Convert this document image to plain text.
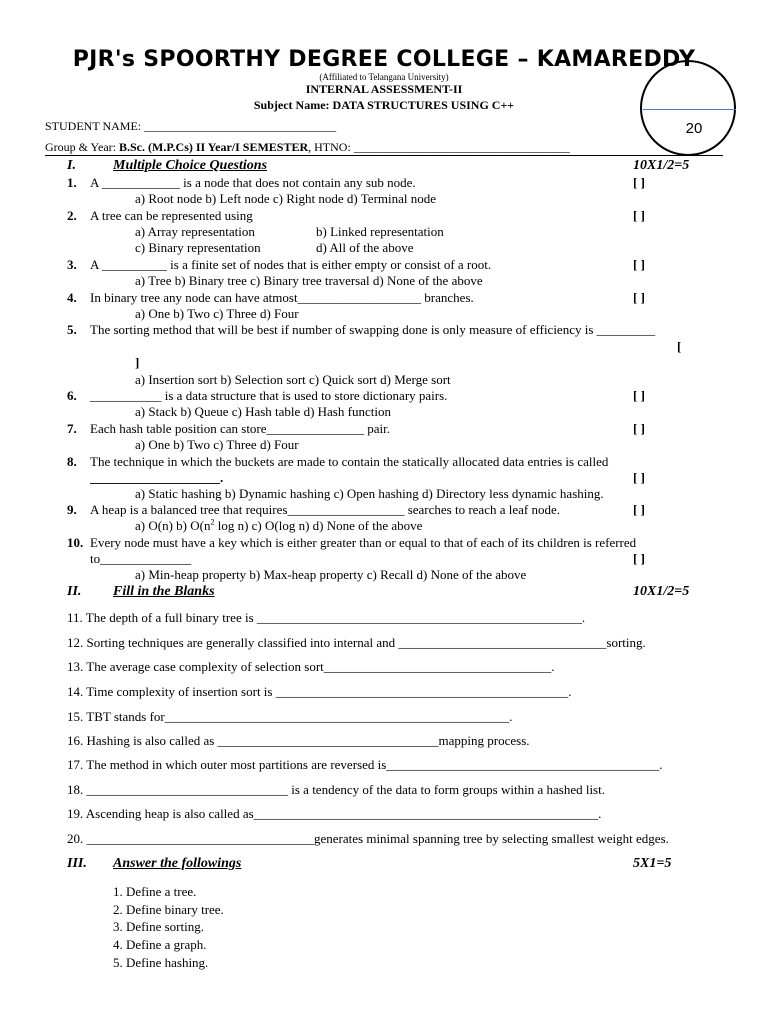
PJR's SPOORTHY DEGREE COLLEGE – KAMAREDDY
(Affiliated to Telangana University)
INTERNAL ASSESSMENT-II
Subject Name: DATA STRUCTURES USING C++
20
STUDENT NAME: ________________________________
Group & Year: B.Sc. (M.P.Cs) II Year/I SEMESTER, HTNO: ____________________________________
I.	Multiple Choice Questions	10X1/2=5
1. A ____________ is a node that does not contain any sub node.	[ ]
a) Root node b) Left node c) Right node d) Terminal node
2. A tree can be represented using	[ ]
a) Array representation	b) Linked representation
c) Binary representation	d) All of the above
3. A __________ is a finite set of nodes that is either empty or consist of a root.	[ ]
a) Tree b) Binary tree c) Binary tree traversal d) None of the above
4. In binary tree any node can have atmost___________________ branches.	[ ]
a) One b) Two c) Three d) Four
5. The sorting method that will be best if number of swapping done is only measure of efficiency is _________
[
]
a) Insertion sort b) Selection sort c) Quick sort d) Merge sort
6. ___________ is a data structure that is used to store dictionary pairs.	[ ]
a) Stack b) Queue c) Hash table d) Hash function
7. Each hash table position can store_______________ pair.	[ ]
a) One b) Two c) Three d) Four
8. The technique in which the buckets are made to contain the statically allocated data entries is called
____________________.	[ ]
a) Static hashing b) Dynamic hashing c) Open hashing d) Directory less dynamic hashing.
9. A heap is a balanced tree that requires__________________ searches to reach a leaf node.	[ ]
a) O(n) b) $O(n^2$ log n) c) O(log n) d) None of the above
10. Every node must have a key which is either greater than or equal to that of each of its children is referred
to______________	[ ]
a) Min-heap property b) Max-heap property c) Recall d) None of the above
II. Fill in the Blanks	10X1/2=5
11. The depth of a full binary tree is __________________________________________________.
12. Sorting techniques are generally classified into internal and ________________________________sorting.
13. The average case complexity of selection sort___________________________________.
14. Time complexity of insertion sort is _____________________________________________.
15. TBT stands for_____________________________________________________.
16. Hashing is also called as __________________________________mapping process.
17. The method in which outer most partitions are reversed is__________________________________________.
18. _______________________________ is a tendency of the data to form groups within a hashed list.
19. Ascending heap is also called as_____________________________________________________.
20. ___________________________________generates minimal spanning tree by selecting smallest weight edges.
III. Answer the followings	5X1=5
1. Define a tree.
2. Define binary tree.
3. Define sorting.
4. Define a graph.
5. Define hashing.
